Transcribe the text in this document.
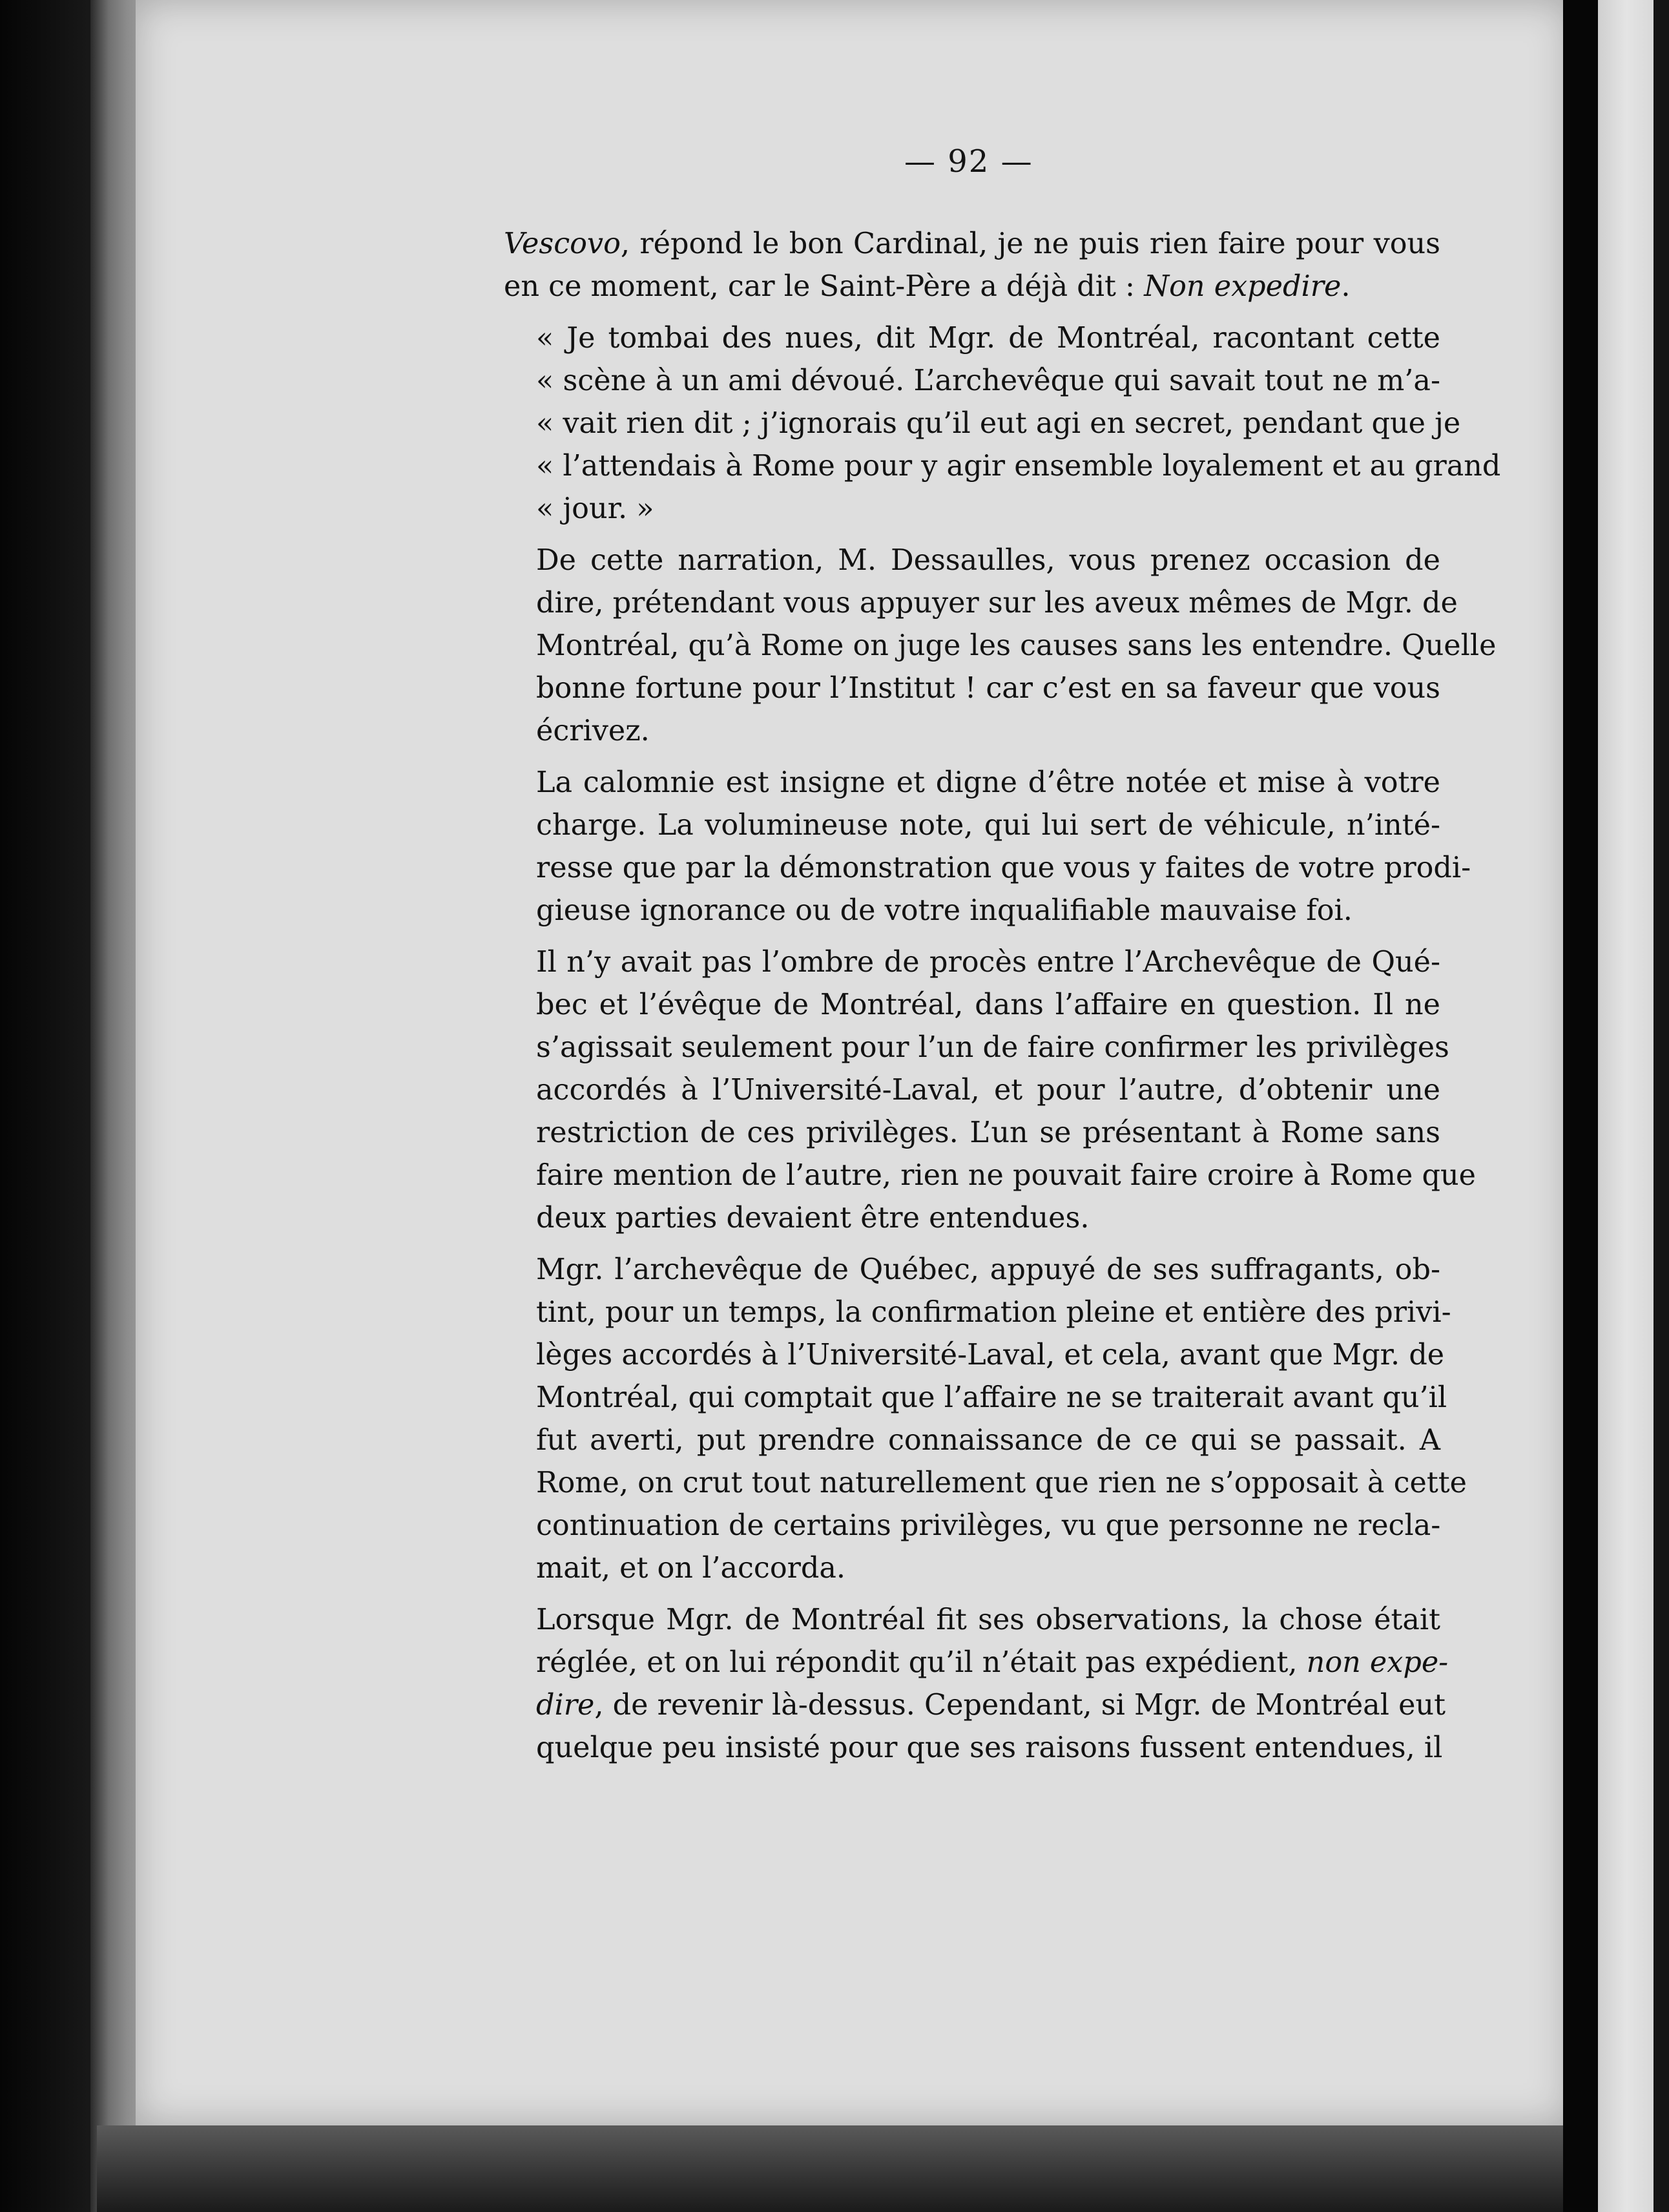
— 92 —

Vescovo, répond le bon Cardinal, je ne puis rien faire pour vous
en ce moment, car le Saint-Père a déjà dit : Non expedire.

« Je tombai des nues, dit Mgr. de Montréal, racontant cette
« scène à un ami dévoué. L’archevêque qui savait tout ne m’a-
« vait rien dit ; j’ignorais qu’il eut agi en secret, pendant que je
« l’attendais à Rome pour y agir ensemble loyalement et au grand
« jour. »

De cette narration, M. Dessaulles, vous prenez occasion de
dire, prétendant vous appuyer sur les aveux mêmes de Mgr. de
Montréal, qu’à Rome on juge les causes sans les entendre. Quelle
bonne fortune pour l’Institut ! car c’est en sa faveur que vous
écrivez.

La calomnie est insigne et digne d’être notée et mise à votre
charge. La volumineuse note, qui lui sert de véhicule, n’inté-
resse que par la démonstration que vous y faites de votre prodi-
gieuse ignorance ou de votre inqualifiable mauvaise foi.

Il n’y avait pas l’ombre de procès entre l’Archevêque de Qué-
bec et l’évêque de Montréal, dans l’affaire en question. Il ne
s’agissait seulement pour l’un de faire confirmer les privilèges
accordés à l’Université-Laval, et pour l’autre, d’obtenir une
restriction de ces privilèges. L’un se présentant à Rome sans
faire mention de l’autre, rien ne pouvait faire croire à Rome que
deux parties devaient être entendues.

Mgr. l’archevêque de Québec, appuyé de ses suffragants, ob-
tint, pour un temps, la confirmation pleine et entière des privi-
lèges accordés à l’Université-Laval, et cela, avant que Mgr. de
Montréal, qui comptait que l’affaire ne se traiterait avant qu’il
fut averti, put prendre connaissance de ce qui se passait. A
Rome, on crut tout naturellement que rien ne s’opposait à cette
continuation de certains privilèges, vu que personne ne recla-
mait, et on l’accorda.

Lorsque Mgr. de Montréal fit ses observations, la chose était
réglée, et on lui répondit qu’il n’était pas expédient, non expe-
dire, de revenir là-dessus. Cependant, si Mgr. de Montréal eut
quelque peu insisté pour que ses raisons fussent entendues, il
